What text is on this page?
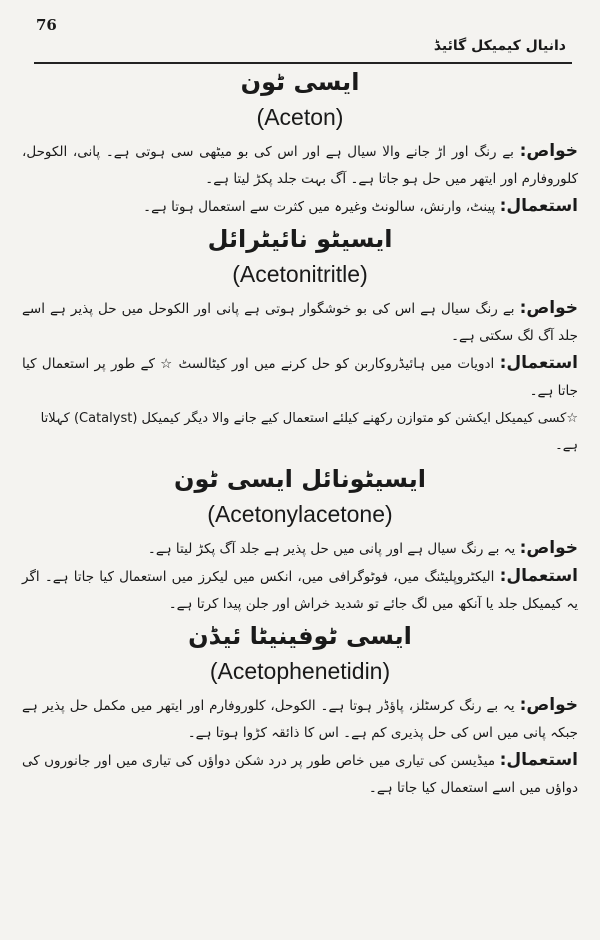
76
دانیال کیمیکل گائیڈ

ایسی ٹون

(Aceton)

خواص: بے رنگ اور اڑ جانے والا سیال ہے اور اس کی بو میٹھی سی ہوتی ہے۔ پانی، الکوحل، کلوروفارم اور ایتھر میں حل ہو جاتا ہے۔ آگ بہت جلد پکڑ لیتا ہے۔

استعمال: پینٹ، وارنش، سالونٹ وغیرہ میں کثرت سے استعمال ہوتا ہے۔

ایسیٹو نائیٹرائل

(Acetonitritle)

خواص: بے رنگ سیال ہے اس کی بو خوشگوار ہوتی ہے پانی اور الکوحل میں حل پذیر ہے اسے جلد آگ لگ سکتی ہے۔

استعمال: ادویات میں ہائیڈروکاربن کو حل کرنے میں اور کیٹالسٹ ☆ کے طور پر استعمال کیا جاتا ہے۔

☆کسی کیمیکل ایکشن کو متوازن رکھنے کیلئے استعمال کیے جانے والا دیگر کیمیکل (Catalyst) کہلاتا ہے۔

ایسیٹونائل ایسی ٹون

(Acetonylacetone)

خواص: یہ بے رنگ سیال ہے اور پانی میں حل پذیر ہے جلد آگ پکڑ لیتا ہے۔

استعمال: الیکٹروپلیٹنگ میں، فوٹوگرافی میں، انکس میں لیکرز میں استعمال کیا جاتا ہے۔ اگر یہ کیمیکل جلد یا آنکھ میں لگ جائے تو شدید خراش اور جلن پیدا کرتا ہے۔

ایسی ٹوفینیٹا ئیڈن

(Acetophenetidin)

خواص: یہ بے رنگ کرسٹلز، پاؤڈر ہوتا ہے۔ الکوحل، کلوروفارم اور ایتھر میں مکمل حل پذیر ہے جبکہ پانی میں اس کی حل پذیری کم ہے۔ اس کا ذائقہ کڑوا ہوتا ہے۔

استعمال: میڈیسن کی تیاری میں خاص طور پر درد شکن دواؤں کی تیاری میں اور جانوروں کی دواؤں میں اسے استعمال کیا جاتا ہے۔
